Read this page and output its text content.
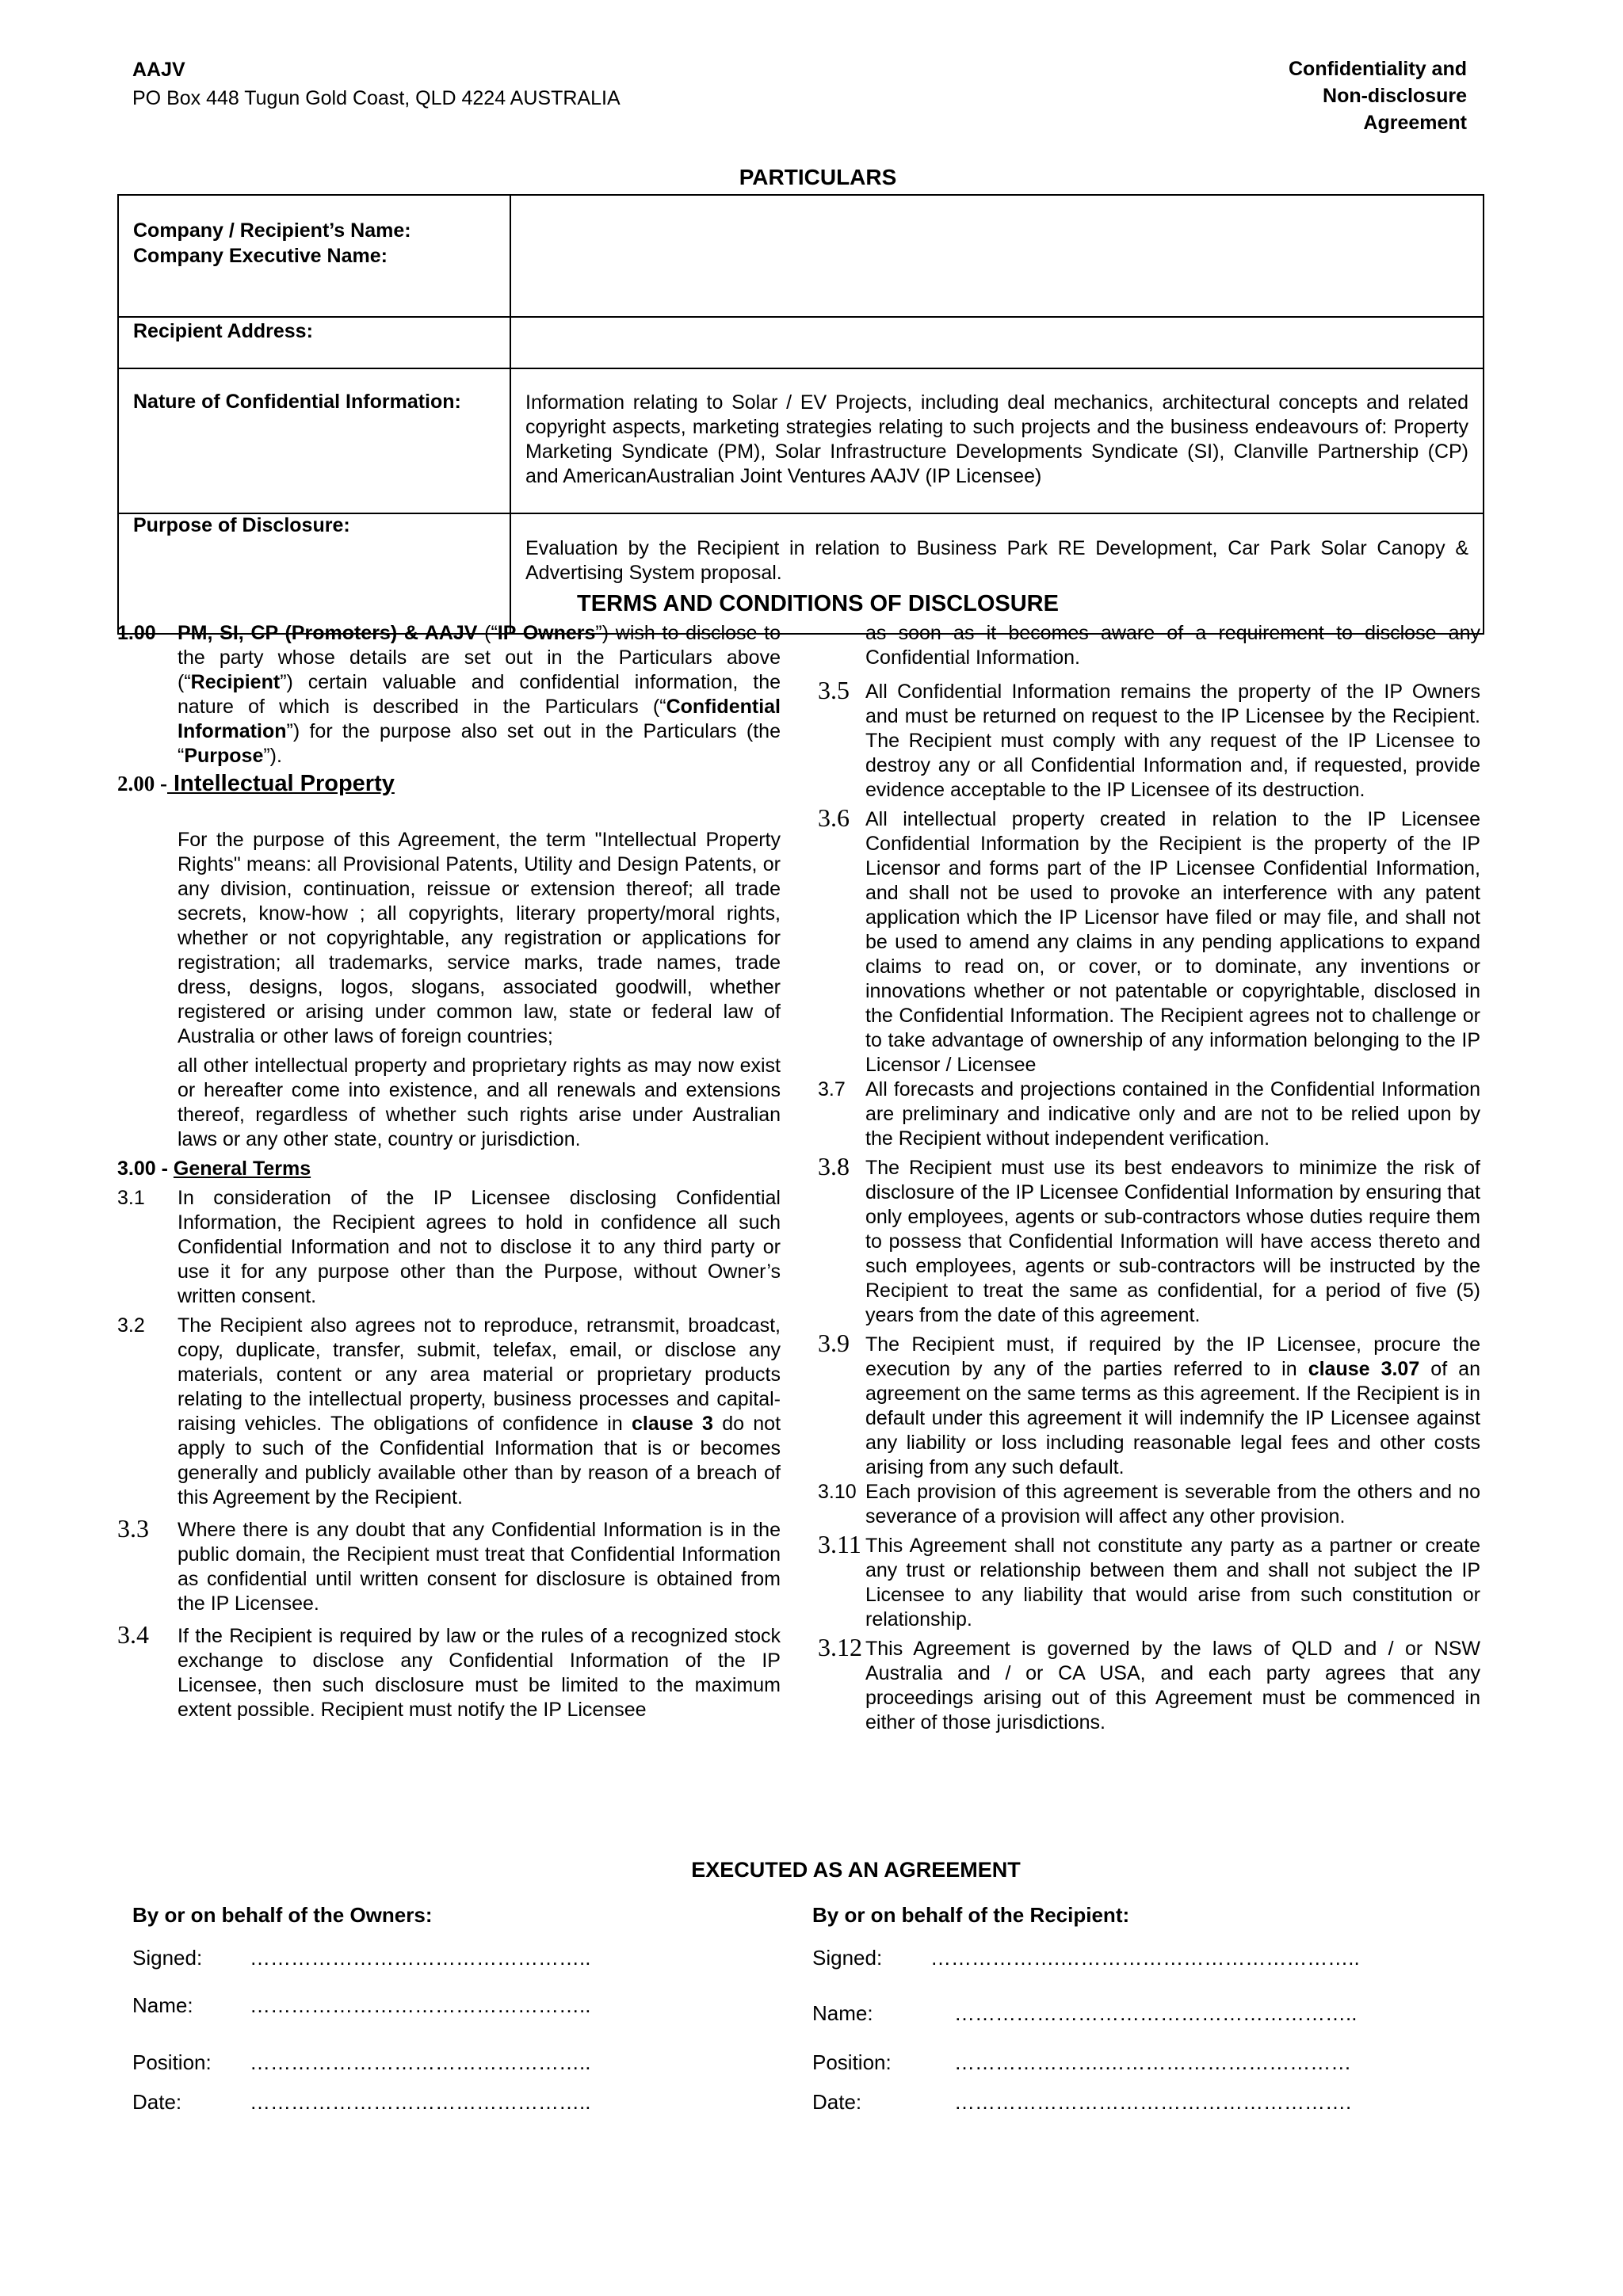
AAJV
PO Box 448 Tugun Gold Coast, QLD 4224 AUSTRALIA
Confidentiality and
Non-disclosure
Agreement
PARTICULARS
Company / Recipient’s Name:
Company Executive Name:	

Recipient Address:	
Nature of Confidential Information:	Information relating to Solar / EV Projects, including deal mechanics, architectural concepts and related copyright aspects, marketing strategies relating to such projects and the business endeavours of: Property Marketing Syndicate (PM), Solar Infrastructure Developments Syndicate (SI), Clanville Partnership (CP) and AmericanAustralian Joint Ventures AAJV (IP Licensee)
Purpose of Disclosure:	Evaluation by the Recipient in relation to Business Park RE Development, Car Park Solar Canopy & Advertising System proposal.
TERMS AND CONDITIONS OF DISCLOSURE

1.00 PM, SI, CP (Promoters) & AAJV (“IP Owners”) wish to disclose to the party whose details are set out in the Particulars above (“Recipient”) certain valuable and confidential information, the nature of which is described in the Particulars (“Confidential Information”) for the purpose also set out in the Particulars (the “Purpose”).

2.00 - Intellectual Property

For the purpose of this Agreement, the term "Intellectual Property Rights" means: all Provisional Patents, Utility and Design Patents, or any division, continuation, reissue or extension thereof; all trade secrets, know-how ; all copyrights, literary property/moral rights, whether or not copyrightable, any registration or applications for registration; all trademarks, service marks, trade names, trade dress, designs, logos, slogans, associated goodwill, whether registered or arising under common law, state or federal law of Australia or other laws of foreign countries;

all other intellectual property and proprietary rights as may now exist or hereafter come into existence, and all renewals and extensions thereof, regardless of whether such rights arise under Australian laws or any other state, country or jurisdiction.

3.00 - General Terms

3.1 In consideration of the IP Licensee disclosing Confidential Information, the Recipient agrees to hold in confidence all such Confidential Information and not to disclose it to any third party or use it for any purpose other than the Purpose, without Owner’s written consent.

3.2 The Recipient also agrees not to reproduce, retransmit, broadcast, copy, duplicate, transfer, submit, telefax, email, or disclose any materials, content or any area material or proprietary products relating to the intellectual property, business processes and capital-raising vehicles. The obligations of confidence in clause 3 do not apply to such of the Confidential Information that is or becomes generally and publicly available other than by reason of a breach of this Agreement by the Recipient.

3.3 Where there is any doubt that any Confidential Information is in the public domain, the Recipient must treat that Confidential Information as confidential until written consent for disclosure is obtained from the IP Licensee.

3.4 If the Recipient is required by law or the rules of a recognized stock exchange to disclose any Confidential Information of the IP Licensee, then such disclosure must be limited to the maximum extent possible. Recipient must notify the IP Licensee

as soon as it becomes aware of a requirement to disclose any Confidential Information.

3.5 All Confidential Information remains the property of the IP Owners and must be returned on request to the IP Licensee by the Recipient. The Recipient must comply with any request of the IP Licensee to destroy any or all Confidential Information and, if requested, provide evidence acceptable to the IP Licensee of its destruction.

3.6 All intellectual property created in relation to the IP Licensee Confidential Information by the Recipient is the property of the IP Licensor and forms part of the IP Licensee Confidential Information, and shall not be used to provoke an interference with any patent application which the IP Licensor have filed or may file, and shall not be used to amend any claims in any pending applications to expand claims to read on, or cover, or to dominate, any inventions or innovations whether or not patentable or copyrightable, disclosed in the Confidential Information. The Recipient agrees not to challenge or to take advantage of ownership of any information belonging to the IP Licensor / Licensee

3.7 All forecasts and projections contained in the Confidential Information are preliminary and indicative only and are not to be relied upon by the Recipient without independent verification.

3.8 The Recipient must use its best endeavors to minimize the risk of disclosure of the IP Licensee Confidential Information by ensuring that only employees, agents or sub-contractors whose duties require them to possess that Confidential Information will have access thereto and such employees, agents or sub-contractors will be instructed by the Recipient to treat the same as confidential, for a period of five (5) years from the date of this agreement.

3.9 The Recipient must, if required by the IP Licensee, procure the execution by any of the parties referred to in clause 3.07 of an agreement on the same terms as this agreement. If the Recipient is in default under this agreement it will indemnify the IP Licensee against any liability or loss including reasonable legal fees and other costs arising from any such default.

3.10 Each provision of this agreement is severable from the others and no severance of a provision will affect any other provision.

3.11 This Agreement shall not constitute any party as a partner or create any trust or relationship between them and shall not subject the IP Licensee to any liability that would arise from such constitution or relationship.

3.12 This Agreement is governed by the laws of QLD and / or NSW Australia and / or CA USA, and each party agrees that any proceedings arising out of this Agreement must be commenced in either of those jurisdictions.

EXECUTED AS AN AGREEMENT
By or on behalf of the Owners:
Signed: …………………………………………..
Name:	…………………………………………..
Position: …………………………………………..
Date:	…………………………………………..
By or on behalf of the Recipient:
Signed: ……………….……………………………………..
Name:	…………………………………………………..
Position:	………………….………………………………
Date:	………………………………………………….
